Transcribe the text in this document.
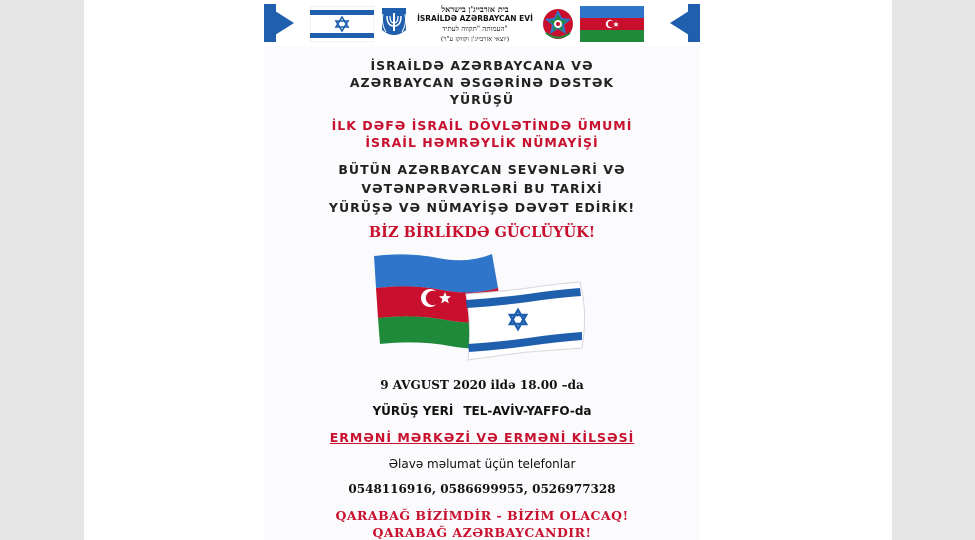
בית אזרבייג'ן בישראל
İSRAİLDƏ AZƏRBAYCAN EVİ
העמותה "תקווה לעתיד"
(יוצאי אזרבייג'ן וקווקז ע"ר)
İSRAİLDƏ AZƏRBAYCANA VƏ
AZƏRBAYCAN ƏSGƏRİNƏ DƏSTƏK
YÜRÜŞÜ
İLK DƏFƏ İSRAİL DÖVLƏTİNDƏ ÜMUMİ
İSRAİL HƏMRƏYLİK NÜMAYİŞİ
BÜTÜN AZƏRBAYCAN SEVƏNLƏRİ VƏ
VƏTƏNPƏRVƏRLƏRİ BU TARİXİ
YÜRÜŞƏ VƏ NÜMAYİŞƏ DƏVƏT EDİRİK!
BİZ BİRLİKDƏ GÜCLÜYÜK!
9 AVGUST 2020 ildə 18.00 –da
YÜRÜŞ YERİ TEL-AVİV-YAFFO-da
ERMƏNİ MƏRKƏZİ VƏ ERMƏNİ KİLSƏSİ
Əlavə məlumat üçün telefonlar
0548116916, 0586699955, 0526977328
QARABAĞ BİZİMDİR - BİZİM OLACAQ!
QARABAĞ AZƏRBAYCANDIR!
